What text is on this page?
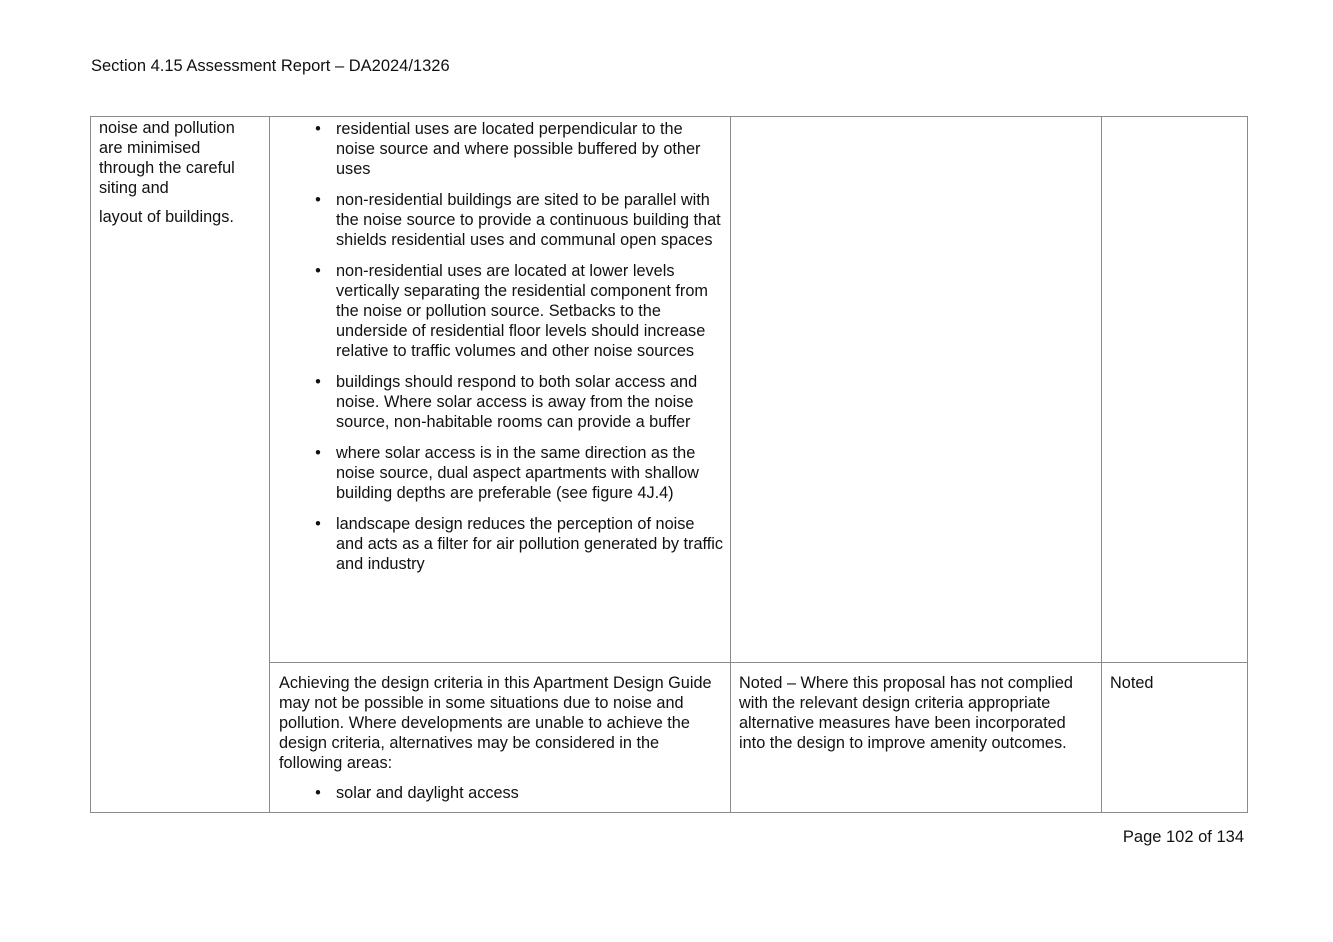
Section 4.15 Assessment Report – DA2024/1326

noise and pollution are minimised through the careful siting and

layout of buildings.

• residential uses are located perpendicular to the noise source and where possible buffered by other uses
• non-residential buildings are sited to be parallel with the noise source to provide a continuous building that shields residential uses and communal open spaces
• non-residential uses are located at lower levels vertically separating the residential component from the noise or pollution source. Setbacks to the underside of residential floor levels should increase relative to traffic volumes and other noise sources
• buildings should respond to both solar access and noise. Where solar access is away from the noise source, non-habitable rooms can provide a buffer
• where solar access is in the same direction as the noise source, dual aspect apartments with shallow building depths are preferable (see figure 4J.4)
• landscape design reduces the perception of noise and acts as a filter for air pollution generated by traffic and industry

Achieving the design criteria in this Apartment Design Guide may not be possible in some situations due to noise and pollution. Where developments are unable to achieve the design criteria, alternatives may be considered in the following areas:

• solar and daylight access

Noted – Where this proposal has not complied with the relevant design criteria appropriate alternative measures have been incorporated into the design to improve amenity outcomes.

Noted

Page 102 of 134
